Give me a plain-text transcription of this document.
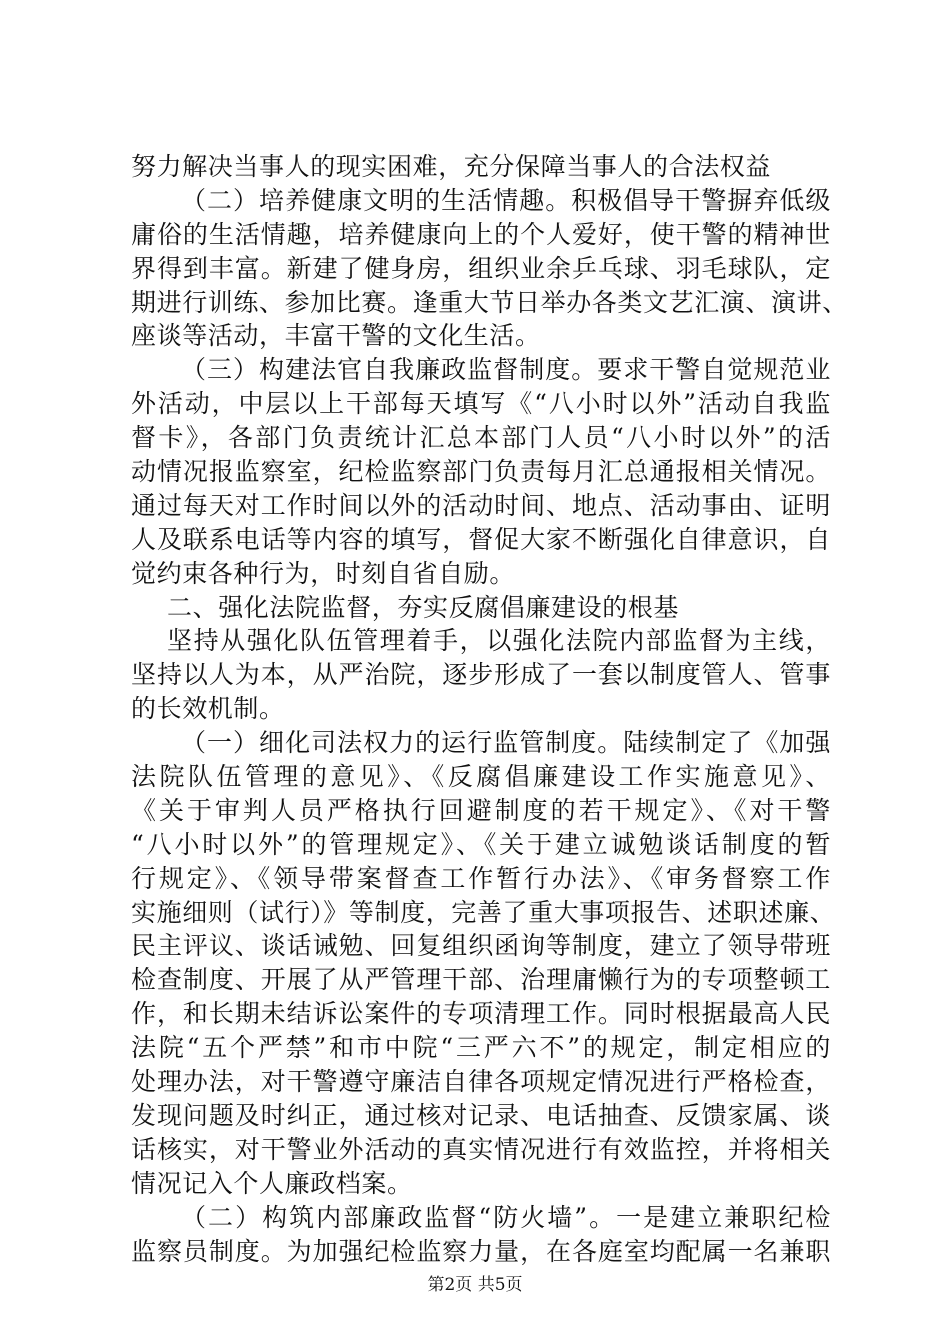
努力解决当事人的现实困难，充分保障当事人的合法权益
（二）培养健康文明的生活情趣。积极倡导干警摒弃低级
庸俗的生活情趣，培养健康向上的个人爱好，使干警的精神世
界得到丰富。新建了健身房，组织业余乒乓球、羽毛球队，定
期进行训练、参加比赛。逢重大节日举办各类文艺汇演、演讲、
座谈等活动，丰富干警的文化生活。
（三）构建法官自我廉政监督制度。要求干警自觉规范业
外活动，中层以上干部每天填写《“八小时以外”活动自我监
督卡》，各部门负责统计汇总本部门人员“八小时以外”的活
动情况报监察室，纪检监察部门负责每月汇总通报相关情况。
通过每天对工作时间以外的活动时间、地点、活动事由、证明
人及联系电话等内容的填写，督促大家不断强化自律意识，自
觉约束各种行为，时刻自省自励。
二、强化法院监督，夯实反腐倡廉建设的根基
坚持从强化队伍管理着手，以强化法院内部监督为主线，
坚持以人为本，从严治院，逐步形成了一套以制度管人、管事
的长效机制。
（一）细化司法权力的运行监管制度。陆续制定了《加强
法院队伍管理的意见》、《反腐倡廉建设工作实施意见》、
《关于审判人员严格执行回避制度的若干规定》、《对干警
“八小时以外”的管理规定》、《关于建立诚勉谈话制度的暂
行规定》、《领导带案督查工作暂行办法》、《审务督察工作
实施细则（试行）》等制度，完善了重大事项报告、述职述廉、
民主评议、谈话诫勉、回复组织函询等制度，建立了领导带班
检查制度、开展了从严管理干部、治理庸懒行为的专项整顿工
作，和长期未结诉讼案件的专项清理工作。同时根据最高人民
法院“五个严禁”和市中院“三严六不”的规定，制定相应的
处理办法，对干警遵守廉洁自律各项规定情况进行严格检查，
发现问题及时纠正，通过核对记录、电话抽查、反馈家属、谈
话核实，对干警业外活动的真实情况进行有效监控，并将相关
情况记入个人廉政档案。
（二）构筑内部廉政监督“防火墙”。一是建立兼职纪检
监察员制度。为加强纪检监察力量，在各庭室均配属一名兼职
第2页 共5页
